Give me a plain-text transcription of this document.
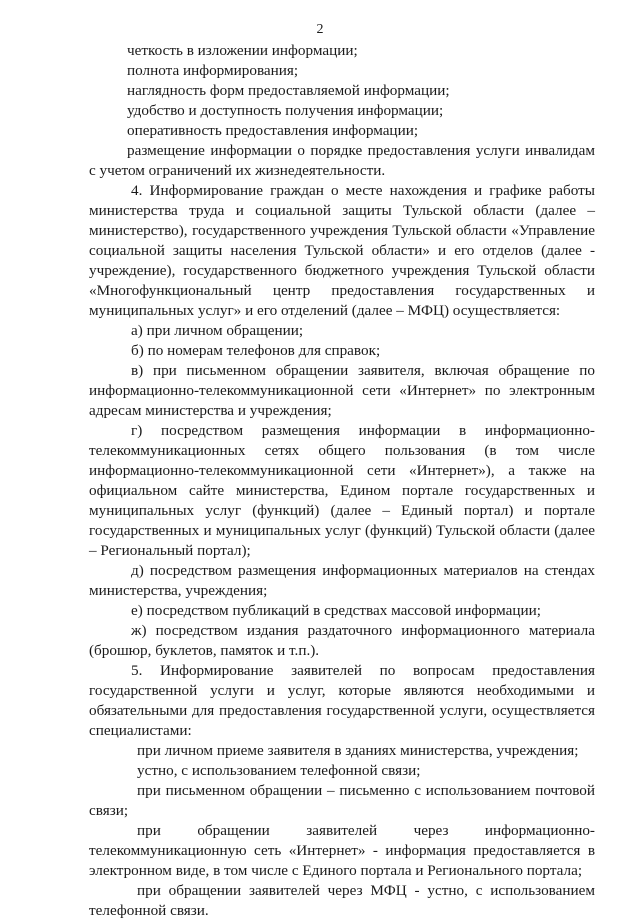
2

четкость в изложении информации;

полнота информирования;

наглядность форм предоставляемой информации;

удобство и доступность получения информации;

оперативность предоставления информации;

размещение информации о порядке предоставления услуги инвалидам с учетом ограничений их жизнедеятельности.

4. Информирование граждан о месте нахождения и графике работы министерства труда и социальной защиты Тульской области (далее – министерство), государственного учреждения Тульской области «Управление социальной защиты населения Тульской области» и его отделов (далее - учреждение), государственного бюджетного учреждения Тульской области «Многофункциональный центр предоставления государственных и муниципальных услуг» и его отделений (далее – МФЦ) осуществляется:

а) при личном обращении;

б) по номерам телефонов для справок;

в) при письменном обращении заявителя, включая обращение по информационно-телекоммуникационной сети «Интернет» по электронным адресам министерства и учреждения;

г) посредством размещения информации в информационно-телекоммуникационных сетях общего пользования (в том числе информационно-телекоммуникационной сети «Интернет»), а также на официальном сайте министерства, Едином портале государственных и муниципальных услуг (функций) (далее – Единый портал) и портале государственных и муниципальных услуг (функций) Тульской области (далее – Региональный портал);

д) посредством размещения информационных материалов на стендах министерства, учреждения;

е) посредством публикаций в средствах массовой информации;

ж) посредством издания раздаточного информационного материала (брошюр, буклетов, памяток и т.п.).

5. Информирование заявителей по вопросам предоставления государственной услуги и услуг, которые являются необходимыми и обязательными для предоставления государственной услуги, осуществляется специалистами:

при личном приеме заявителя в зданиях министерства, учреждения;

устно, с использованием телефонной связи;

при письменном обращении – письменно с использованием почтовой связи;

при обращении заявителей через информационно-телекоммуникационную сеть «Интернет» - информация предоставляется в электронном виде, в том числе с Единого портала и Регионального портала;

при обращении заявителей через МФЦ - устно, с использованием телефонной связи.
